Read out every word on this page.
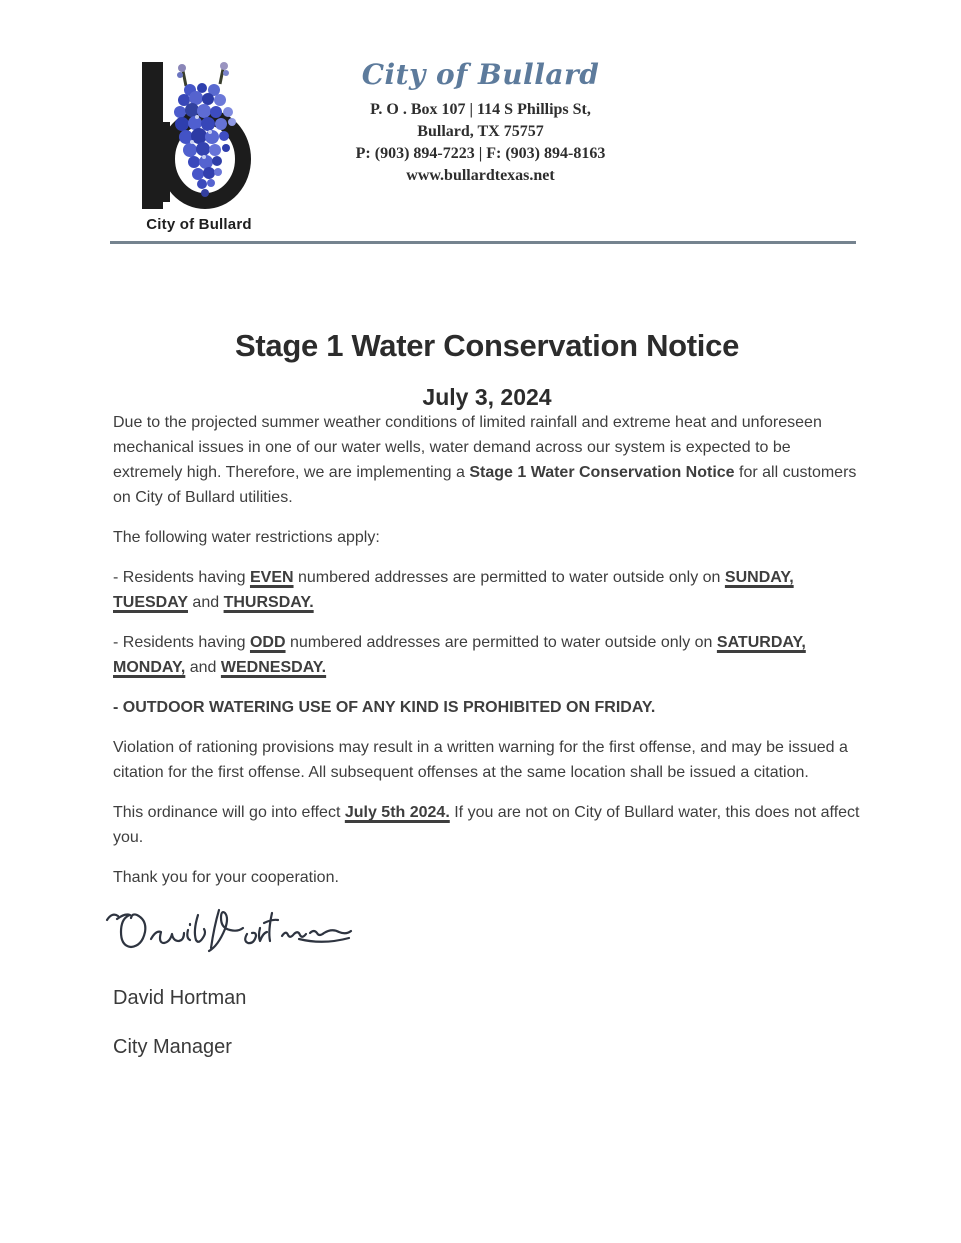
City of Bullard
City of Bullard
P. O . Box 107 | 114 S Phillips St,
Bullard, TX 75757
P: (903) 894-7223 | F: (903) 894-8163
www.bullardtexas.net
Stage 1 Water Conservation Notice
July 3, 2024

Due to the projected summer weather conditions of limited rainfall and extreme heat and unforeseen mechanical issues in one of our water wells, water demand across our system is expected to be extremely high. Therefore, we are implementing a Stage 1 Water Conservation Notice for all customers on City of Bullard utilities.

The following water restrictions apply:

- Residents having EVEN numbered addresses are permitted to water outside only on SUNDAY, TUESDAY and THURSDAY.

- Residents having ODD numbered addresses are permitted to water outside only on SATURDAY, MONDAY, and WEDNESDAY.

- OUTDOOR WATERING USE OF ANY KIND IS PROHIBITED ON FRIDAY.

Violation of rationing provisions may result in a written warning for the first offense, and may be issued a citation for the first offense. All subsequent offenses at the same location shall be issued a citation.

This ordinance will go into effect July 5th 2024. If you are not on City of Bullard water, this does not affect you.

Thank you for your cooperation.

David Hortman
City Manager
